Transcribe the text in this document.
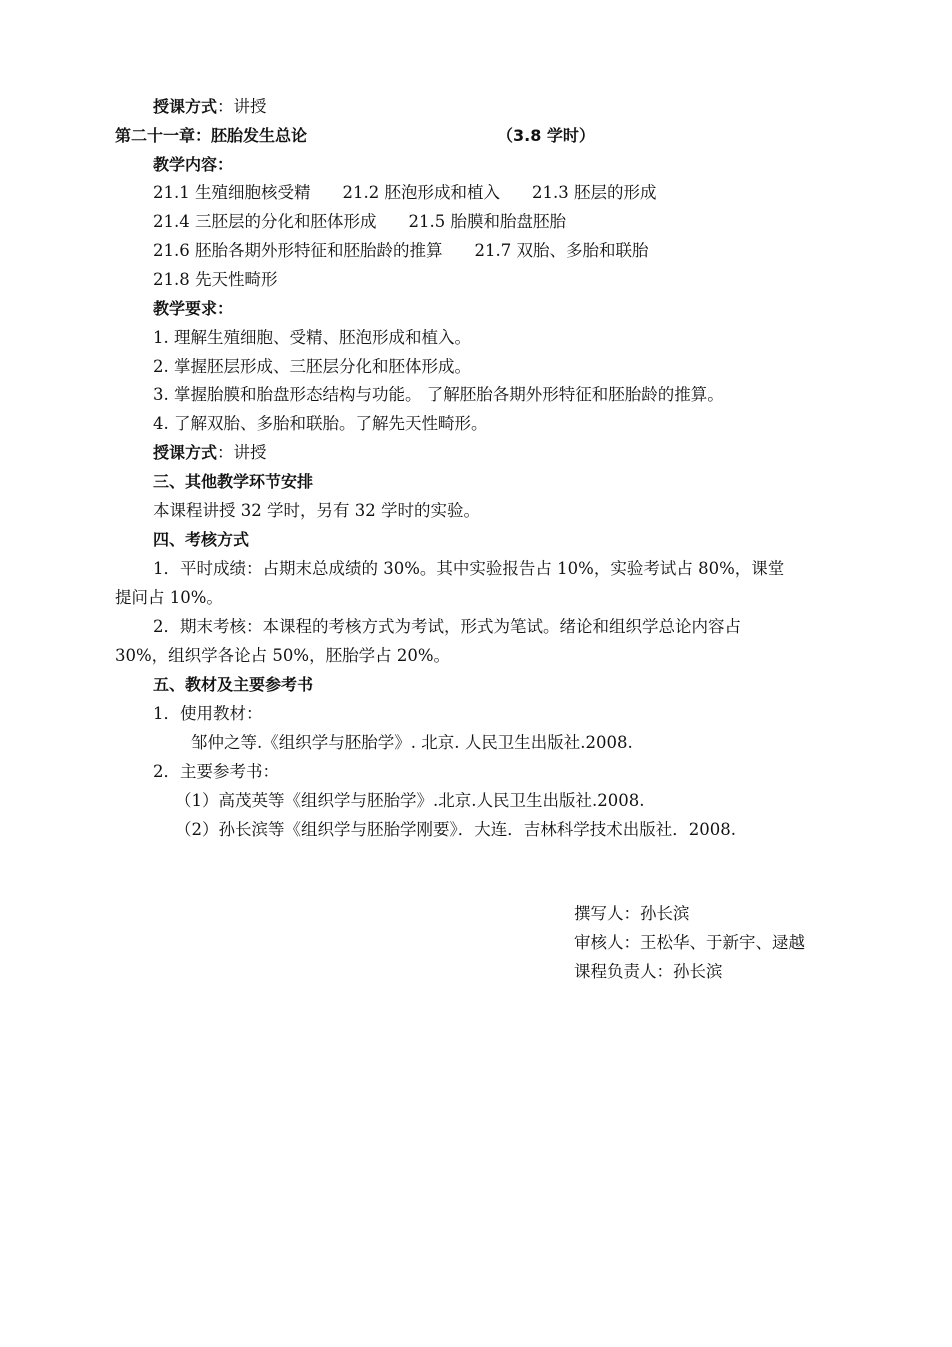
授课方式：讲授
第二十一章：胚胎发生总论	（3.8 学时）
教学内容：
21.1 生殖细胞核受精 21.2 胚泡形成和植入 21.3 胚层的形成
21.4 三胚层的分化和胚体形成 21.5 胎膜和胎盘胚胎
21.6 胚胎各期外形特征和胚胎龄的推算 21.7 双胎、多胎和联胎
21.8 先天性畸形
教学要求：
1. 理解生殖细胞、受精、胚泡形成和植入。
2. 掌握胚层形成、三胚层分化和胚体形成。
3. 掌握胎膜和胎盘形态结构与功能。 了解胚胎各期外形特征和胚胎龄的推算。
4. 了解双胎、多胎和联胎。了解先天性畸形。
授课方式：讲授
三、其他教学环节安排
本课程讲授 32 学时，另有 32 学时的实验。
四、考核方式
1．平时成绩：占期末总成绩的 30%。其中实验报告占 10%，实验考试占 80%，课堂
提问占 10%。
2．期末考核：本课程的考核方式为考试，形式为笔试。绪论和组织学总论内容占
30%，组织学各论占 50%，胚胎学占 20%。
五、教材及主要参考书
1．使用教材：
邹仲之等.《组织学与胚胎学》. 北京. 人民卫生出版社.2008.
2．主要参考书：
（1）高茂英等《组织学与胚胎学》.北京.人民卫生出版社.2008.
（2）孙长滨等《组织学与胚胎学刚要》．大连．吉林科学技术出版社．2008.
撰写人：孙长滨
审核人：王松华、于新宇、逯越
课程负责人：孙长滨
